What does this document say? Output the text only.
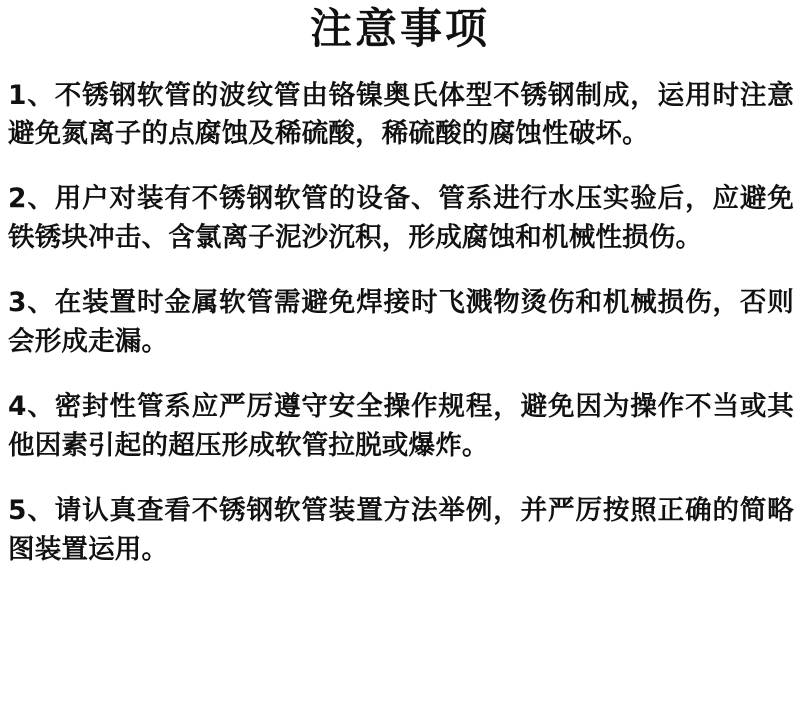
注意事项

1、不锈钢软管的波纹管由铬镍奥氏体型不锈钢制成，运用时注意避免氮离子的点腐蚀及稀硫酸，稀硫酸的腐蚀性破坏。

2、用户对装有不锈钢软管的设备、管系进行水压实验后，应避免铁锈块冲击、含氯离子泥沙沉积，形成腐蚀和机械性损伤。

3、在装置时金属软管需避免焊接时飞溅物烫伤和机械损伤，否则会形成走漏。

4、密封性管系应严厉遵守安全操作规程，避免因为操作不当或其他因素引起的超压形成软管拉脱或爆炸。

5、请认真查看不锈钢软管装置方法举例，并严厉按照正确的简略图装置运用。
